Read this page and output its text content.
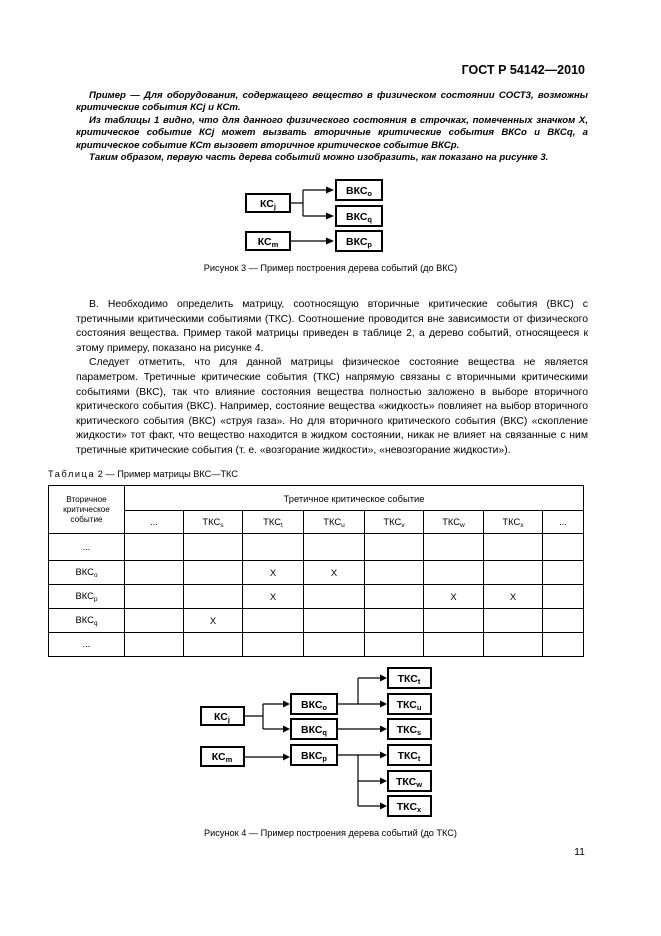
ГОСТ Р 54142—2010

Пример — Для оборудования, содержащего вещество в физическом состоянии СОСТ3, возможны критические события КСj и КСm.

Из таблицы 1 видно, что для данного физического состояния в строчках, помеченных значком Х, критическое событие КСj может вызвать вторичные критические события ВКСо и ВКСq, а критическое событие КСm вызовет вторичное критическое событие ВКСp.

Таким образом, первую часть дерева событий можно изобразить, как показано на рисунке 3.

КСj
ВКСo
ВКСq
КСm	ВКСp
Рисунок 3 — Пример построения дерева событий (до ВКС)

В. Необходимо определить матрицу, соотносящую вторичные критические события (ВКС) с третичными критическими событиями (ТКС). Соотношение проводится вне зависимости от физического состояния вещества. Пример такой матрицы приведен в таблице 2, а дерево событий, относящееся к этому примеру, показано на рисунке 4.

Следует отметить, что для данной матрицы физическое состояние вещества не является параметром. Третичные критические события (ТКС) напрямую связаны с вторичными критическими событиями (ВКС), так что влияние состояния вещества полностью заложено в выборе вторичного критического события (ВКС). Например, состояние вещества «жидкость» повлияет на выбор вторичного критического события (ВКС) «струя газа». Но для вторичного критического события (ВКС) «скопление жидкости» тот факт, что вещество находится в жидком состоянии, никак не влияет на связанные с ним третичные критические события (т. е. «возгорание жидкости», «невозгорание жидкости»).

Таблица 2 — Пример матрицы ВКС—ТКС
Вторичное критическое событие	Третичное критическое событие							
	...	$ТКС_s$	$ТКС_t$	$ТКС_u$	$ТКС_v$	$ТКС_w$	$ТКС_x$	...
...								
$ВКС_o$			X	X				
$ВКС_p$			X			X	X	
$ВКС_q$		X						
...								
КСj
КСm
ВКСo
ВКСq
ВКСp
ТКСt
ТКСu
ТКСs
ТКСt
ТКСw
ТКСx
Рисунок 4 — Пример построения дерева событий (до ТКС)
11
